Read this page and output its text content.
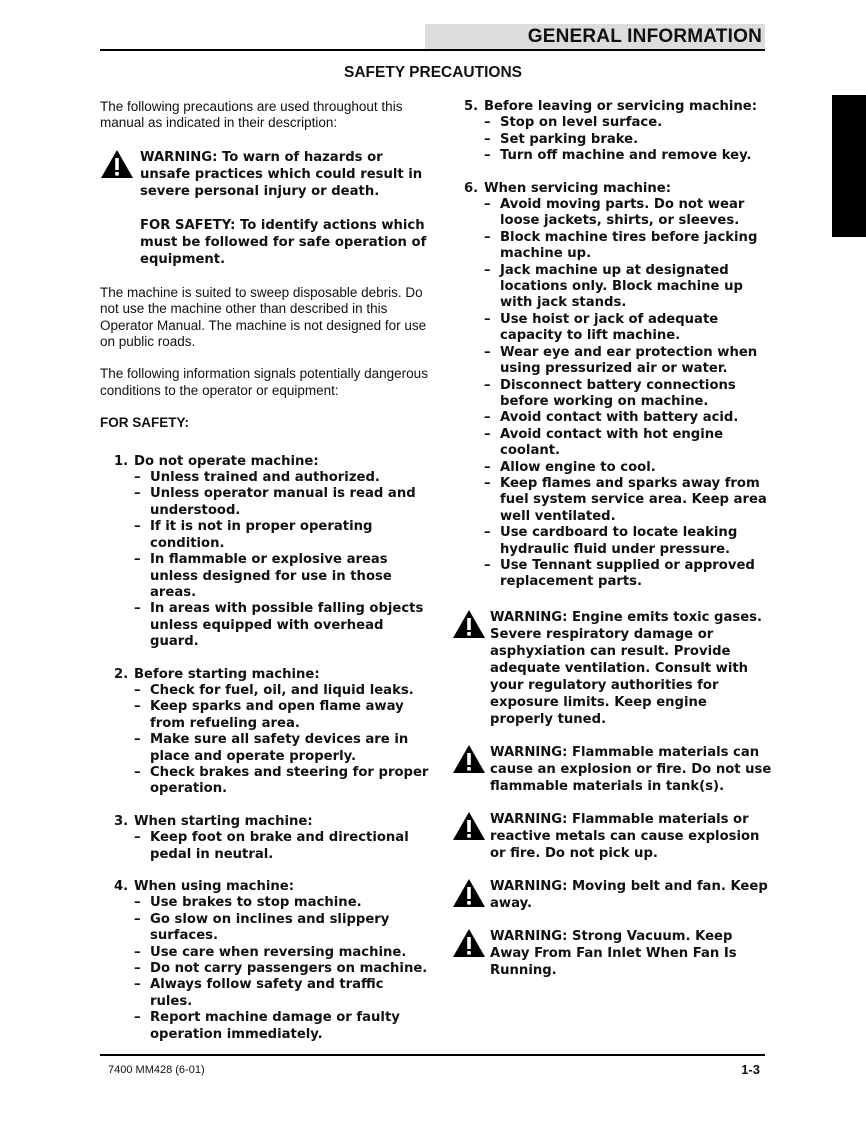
GENERAL INFORMATION
SAFETY PRECAUTIONS

The following precautions are used throughout this manual as indicated in their description:

WARNING: To warn of hazards or unsafe practices which could result in severe personal injury or death.

FOR SAFETY: To identify actions which must be followed for safe operation of equipment.

The machine is suited to sweep disposable debris. Do not use the machine other than described in this Operator Manual. The machine is not designed for use on public roads.

The following information signals potentially dangerous conditions to the operator or equipment:

FOR SAFETY:

1. Do not operate machine:
– Unless trained and authorized.
– Unless operator manual is read and understood.
– If it is not in proper operating condition.
– In flammable or explosive areas unless designed for use in those areas.
– In areas with possible falling objects unless equipped with overhead guard.
2. Before starting machine:
– Check for fuel, oil, and liquid leaks.
– Keep sparks and open flame away from refueling area.
– Make sure all safety devices are in place and operate properly.
– Check brakes and steering for proper operation.
3. When starting machine:
– Keep foot on brake and directional pedal in neutral.
4. When using machine:
– Use brakes to stop machine.
– Go slow on inclines and slippery surfaces.
– Use care when reversing machine.
– Do not carry passengers on machine.
– Always follow safety and traffic rules.
– Report machine damage or faulty operation immediately.
5. Before leaving or servicing machine:
– Stop on level surface.
– Set parking brake.
– Turn off machine and remove key.
6. When servicing machine:
– Avoid moving parts. Do not wear loose jackets, shirts, or sleeves.
– Block machine tires before jacking machine up.
– Jack machine up at designated locations only. Block machine up with jack stands.
– Use hoist or jack of adequate capacity to lift machine.
– Wear eye and ear protection when using pressurized air or water.
– Disconnect battery connections before working on machine.
– Avoid contact with battery acid.
– Avoid contact with hot engine coolant.
– Allow engine to cool.
– Keep flames and sparks away from fuel system service area. Keep area well ventilated.
– Use cardboard to locate leaking hydraulic fluid under pressure.
– Use Tennant supplied or approved replacement parts.

WARNING: Engine emits toxic gases. Severe respiratory damage or asphyxiation can result. Provide adequate ventilation. Consult with your regulatory authorities for exposure limits. Keep engine properly tuned.

WARNING: Flammable materials can cause an explosion or fire. Do not use flammable materials in tank(s).

WARNING: Flammable materials or reactive metals can cause explosion or fire. Do not pick up.

WARNING: Moving belt and fan. Keep away.

WARNING: Strong Vacuum. Keep Away From Fan Inlet When Fan Is Running.

7400 MM428 (6-01)	1-3
